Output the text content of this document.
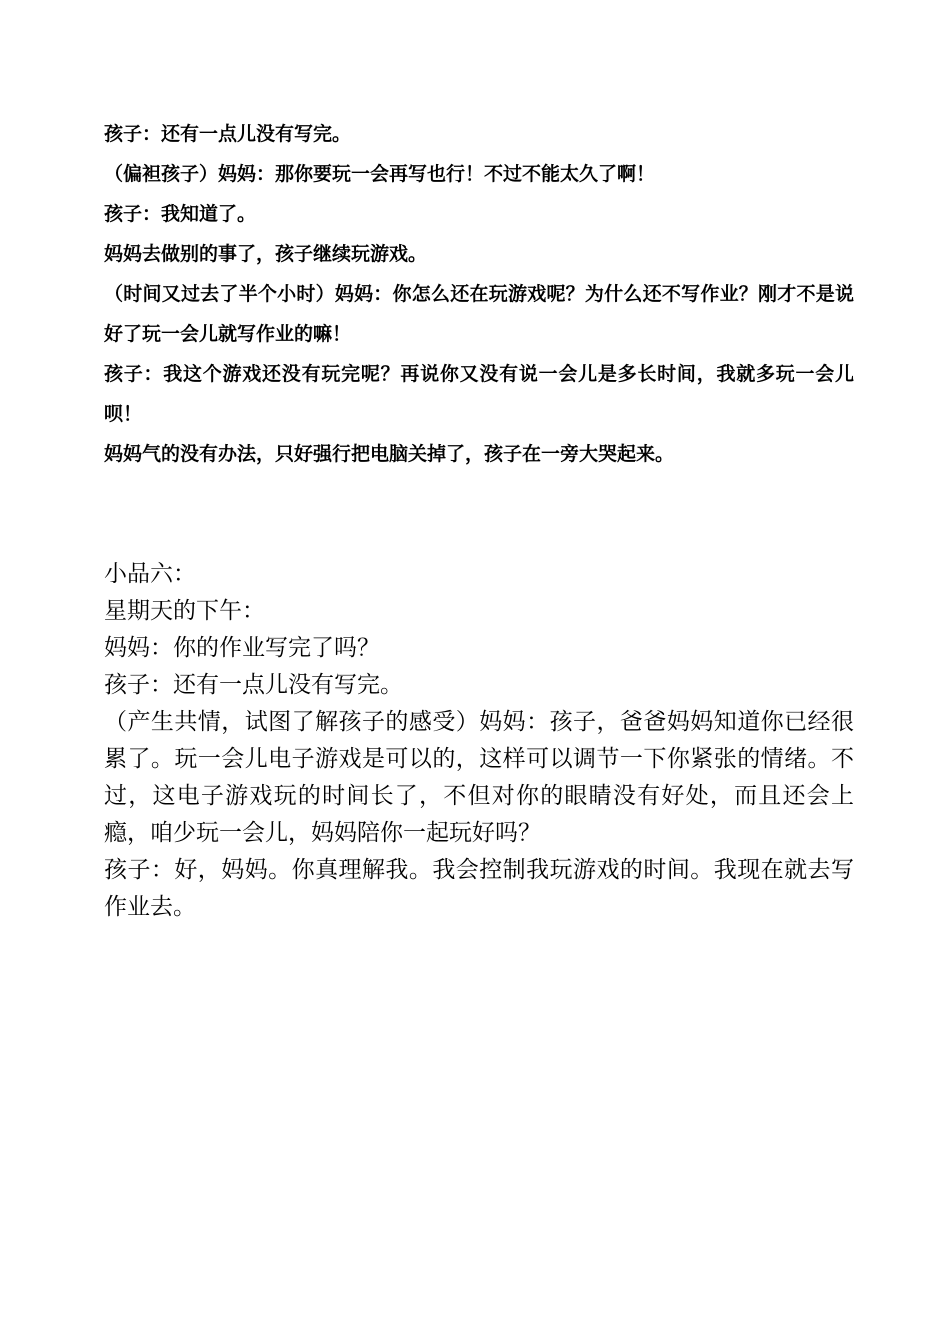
孩子：还有一点儿没有写完。
（偏袒孩子）妈妈：那你要玩一会再写也行！不过不能太久了啊！
孩子：我知道了。
妈妈去做别的事了，孩子继续玩游戏。
（时间又过去了半个小时）妈妈：你怎么还在玩游戏呢？为什么还不写作业？刚才不是说好了玩一会儿就写作业的嘛！
孩子：我这个游戏还没有玩完呢？再说你又没有说一会儿是多长时间，我就多玩一会儿呗！
妈妈气的没有办法，只好强行把电脑关掉了，孩子在一旁大哭起来。
小品六：
星期天的下午：
妈妈：你的作业写完了吗？
孩子：还有一点儿没有写完。
（产生共情，试图了解孩子的感受）妈妈：孩子，爸爸妈妈知道你已经很累了。玩一会儿电子游戏是可以的，这样可以调节一下你紧张的情绪。不过，这电子游戏玩的时间长了，不但对你的眼睛没有好处，而且还会上瘾，咱少玩一会儿，妈妈陪你一起玩好吗？
孩子：好，妈妈。你真理解我。我会控制我玩游戏的时间。我现在就去写作业去。
